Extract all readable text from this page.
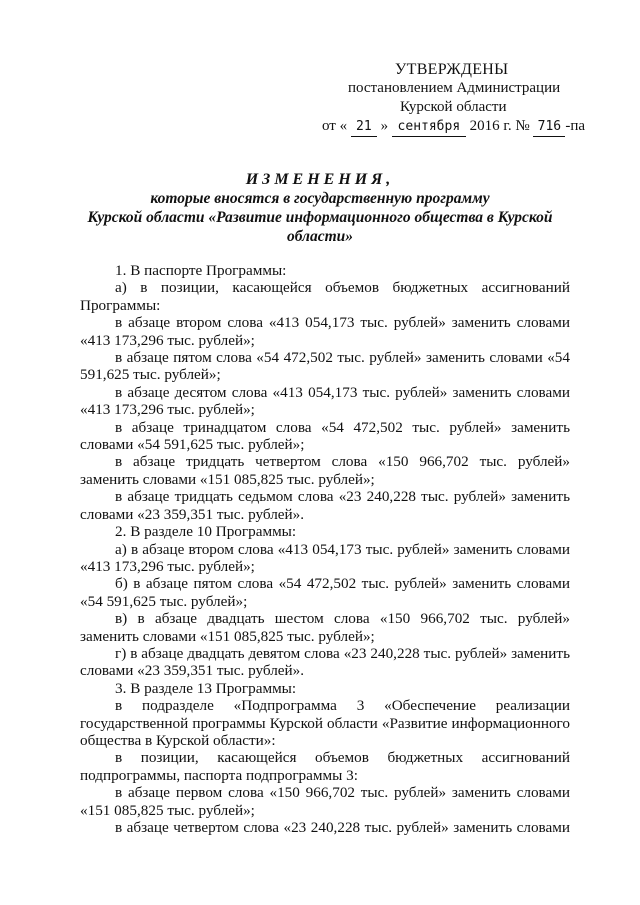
УТВЕРЖДЕНЫ
постановлением Администрации
Курской области
от « 21 » сентября 2016 г. № 716 -па
ИЗМЕНЕНИЯ,
которые вносятся в государственную программу
Курской области «Развитие информационного общества в Курской
области»

1. В паспорте Программы:

а) в позиции, касающейся объемов бюджетных ассигнований Программы:

в абзаце втором слова «413 054,173 тыс. рублей» заменить словами «413 173,296 тыс. рублей»;

в абзаце пятом слова «54 472,502 тыс. рублей» заменить словами «54 591,625 тыс. рублей»;

в абзаце десятом слова «413 054,173 тыс. рублей» заменить словами «413 173,296 тыс. рублей»;

в абзаце тринадцатом слова «54 472,502 тыс. рублей» заменить словами «54 591,625 тыс. рублей»;

в абзаце тридцать четвертом слова «150 966,702 тыс. рублей» заменить словами «151 085,825 тыс. рублей»;

в абзаце тридцать седьмом слова «23 240,228 тыс. рублей» заменить словами «23 359,351 тыс. рублей».

2. В разделе 10 Программы:

а) в абзаце втором слова «413 054,173 тыс. рублей» заменить словами «413 173,296 тыс. рублей»;

б) в абзаце пятом слова «54 472,502 тыс. рублей» заменить словами «54 591,625 тыс. рублей»;

в) в абзаце двадцать шестом слова «150 966,702 тыс. рублей» заменить словами «151 085,825 тыс. рублей»;

г) в абзаце двадцать девятом слова «23 240,228 тыс. рублей» заменить словами «23 359,351 тыс. рублей».

3. В разделе 13 Программы:

в подразделе «Подпрограмма 3 «Обеспечение реализации государственной программы Курской области «Развитие информационного общества в Курской области»:

в позиции, касающейся объемов бюджетных ассигнований подпрограммы, паспорта подпрограммы 3:

в абзаце первом слова «150 966,702 тыс. рублей» заменить словами «151 085,825 тыс. рублей»;

в абзаце четвертом слова «23 240,228 тыс. рублей» заменить словами
